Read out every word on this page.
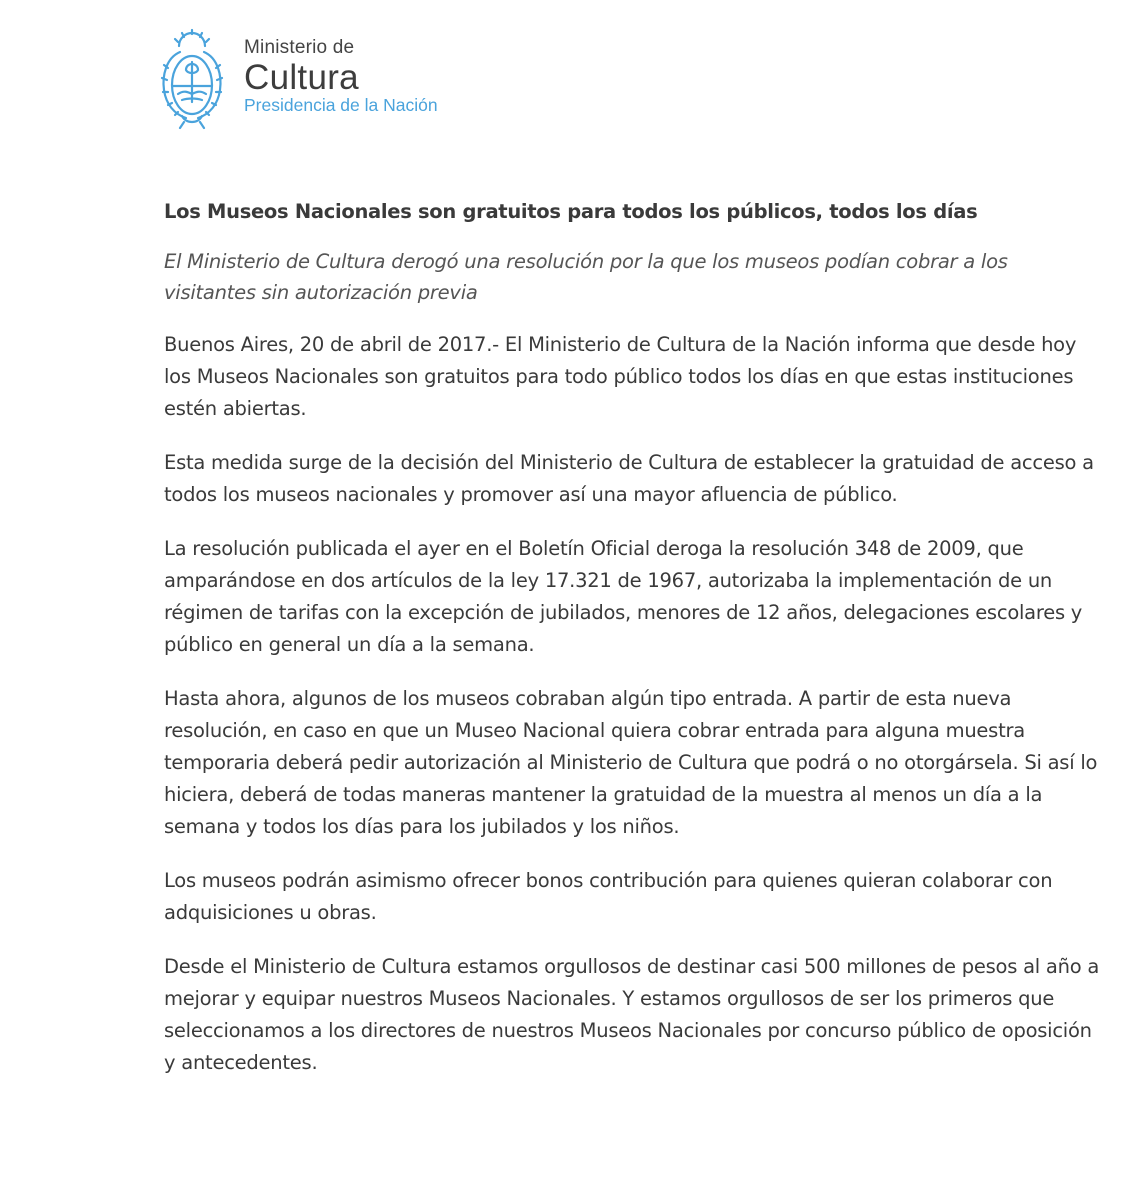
Ministerio de
Cultura
Presidencia de la Nación
Los Museos Nacionales son gratuitos para todos los públicos, todos los días

El Ministerio de Cultura derogó una resolución por la que los museos podían cobrar a los visitantes sin autorización previa

Buenos Aires, 20 de abril de 2017.- El Ministerio de Cultura de la Nación informa que desde hoy los Museos Nacionales son gratuitos para todo público todos los días en que estas instituciones estén abiertas.

Esta medida surge de la decisión del Ministerio de Cultura de establecer la gratuidad de acceso a todos los museos nacionales y promover así una mayor afluencia de público.

La resolución publicada el ayer en el Boletín Oficial deroga la resolución 348 de 2009, que amparándose en dos artículos de la ley 17.321 de 1967, autorizaba la implementación de un régimen de tarifas con la excepción de jubilados, menores de 12 años, delegaciones escolares y público en general un día a la semana.

Hasta ahora, algunos de los museos cobraban algún tipo entrada. A partir de esta nueva resolución, en caso en que un Museo Nacional quiera cobrar entrada para alguna muestra temporaria deberá pedir autorización al Ministerio de Cultura que podrá o no otorgársela. Si así lo hiciera, deberá de todas maneras mantener la gratuidad de la muestra al menos un día a la semana y todos los días para los jubilados y los niños.

Los museos podrán asimismo ofrecer bonos contribución para quienes quieran colaborar con adquisiciones u obras.

Desde el Ministerio de Cultura estamos orgullosos de destinar casi 500 millones de pesos al año a mejorar y equipar nuestros Museos Nacionales. Y estamos orgullosos de ser los primeros que seleccionamos a los directores de nuestros Museos Nacionales por concurso público de oposición y antecedentes.
